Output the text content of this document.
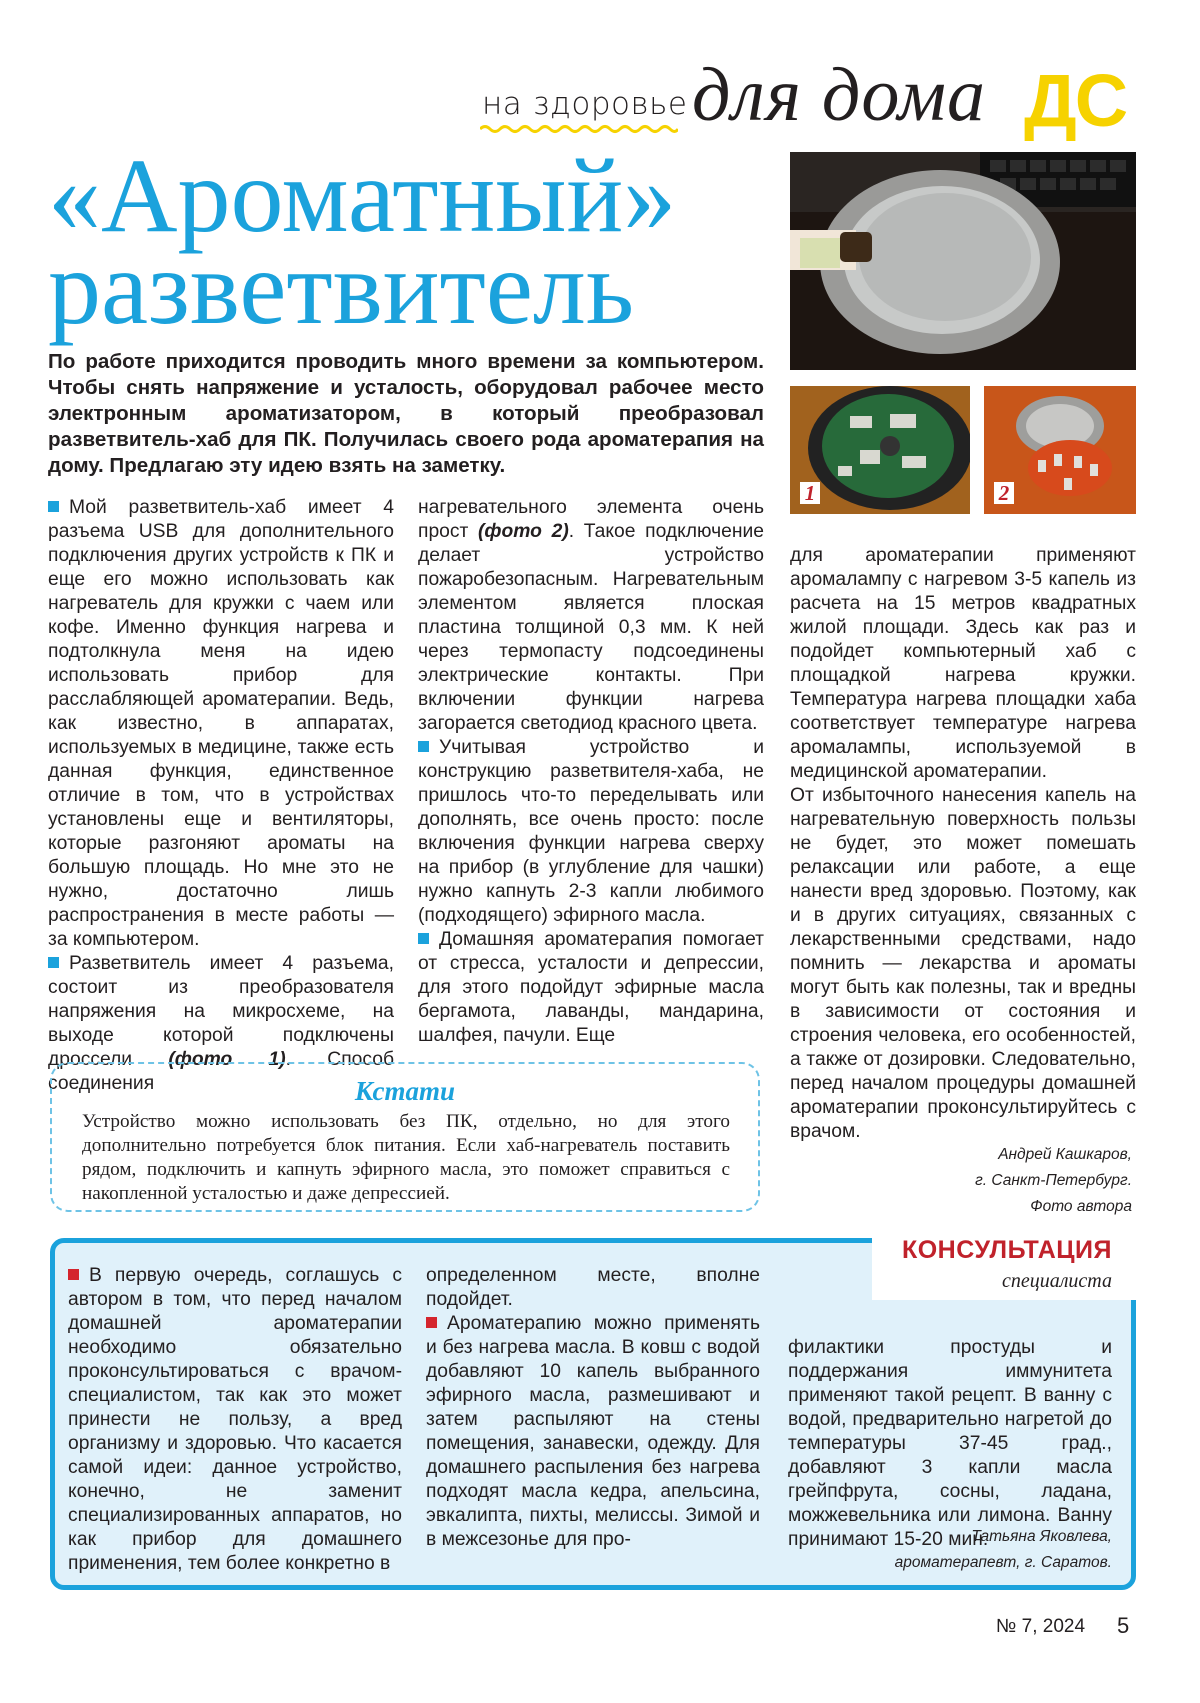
на здоровье для дома ДС
«Ароматный»
разветвитель
По работе приходится проводить много времени за компьютером. Чтобы снять напряжение и усталость, оборудовал рабочее место электронным ароматизатором, в который преобразовал разветвитель-хаб для ПК. Получилась своего рода ароматерапия на дому. Предлагаю эту идею взять на заметку.
1	2

Мой разветвитель-хаб имеет 4 разъема USB для дополнительного подключения других устройств к ПК и еще его можно использовать как нагреватель для кружки с чаем или кофе. Именно функция нагрева и подтолкнула меня на идею использовать прибор для расслабляющей ароматерапии. Ведь, как известно, в аппаратах, используемых в медицине, также есть данная функция, единственное отличие в том, что в устройствах установлены еще и вентиляторы, которые разгоняют ароматы на большую площадь. Но мне это не нужно, достаточно лишь распространения в месте работы — за компьютером.

Разветвитель имеет 4 разъема, состоит из преобразователя напряжения на микросхеме, на выходе которой подключены дроссели (фото 1). Способ соединения

нагревательного элемента очень прост (фото 2). Такое подключение делает устройство пожаробезопасным. Нагревательным элементом является плоская пластина толщиной 0,3 мм. К ней через термопасту подсоединены электрические контакты. При включении функции нагрева загорается светодиод красного цвета.

Учитывая устройство и конструкцию разветвителя-хаба, не пришлось что-то переделывать или дополнять, все очень просто: после включения функции нагрева сверху на прибор (в углубление для чашки) нужно капнуть 2-3 капли любимого (подходящего) эфирного масла.

Домашняя ароматерапия помогает от стресса, усталости и депрессии, для этого подойдут эфирные масла бергамота, лаванды, мандарина, шалфея, пачули. Еще

для ароматерапии применяют аромалампу с нагревом 3-5 капель из расчета на 15 метров квадратных жилой площади. Здесь как раз и подойдет компьютерный хаб с площадкой нагрева кружки. Температура нагрева площадки хаба соответствует температуре нагрева аромалампы, используемой в медицинской ароматерапии.

От избыточного нанесения капель на нагревательную поверхность пользы не будет, это может помешать релаксации или работе, а еще нанести вред здоровью. Поэтому, как и в других ситуациях, связанных с лекарственными средствами, надо помнить — лекарства и ароматы могут быть как полезны, так и вредны в зависимости от состояния и строения человека, его особенностей, а также от дозировки. Следовательно, перед началом процедуры домашней ароматерапии проконсультируйтесь с врачом.

Андрей Кашкаров,
г. Санкт-Петербург.
Фото автора
Кстати
Устройство можно использовать без ПК, отдельно, но для этого дополнительно потребуется блок питания. Если хаб-нагреватель поставить рядом, подключить и капнуть эфирного масла, это поможет справиться с накопленной усталостью и даже депрессией.
КОНСУЛЬТАЦИЯ
специалиста

В первую очередь, соглашусь с автором в том, что перед началом домашней ароматерапии необходимо обязательно проконсультироваться с врачом-специалистом, так как это может принести не пользу, а вред организму и здоровью. Что касается самой идеи: данное устройство, конечно, не заменит специализированных аппаратов, но как прибор для домашнего применения, тем более конкретно в

определенном месте, вполне подойдет.

Ароматерапию можно применять и без нагрева масла. В ковш с водой добавляют 10 капель выбранного эфирного масла, размешивают и затем распыляют на стены помещения, занавески, одежду. Для домашнего распыления без нагрева подходят масла кедра, апельсина, эвкалипта, пихты, мелиссы. Зимой и в межсезонье для про-

филактики простуды и поддержания иммунитета применяют такой рецепт. В ванну с водой, предварительно нагретой до температуры 37-45 град., добавляют 3 капли масла грейпфрута, сосны, ладана, можжевельника или лимона. Ванну принимают 15-20 мин.

Татьяна Яковлева,
ароматерапевт, г. Саратов.
№ 7, 2024 5
